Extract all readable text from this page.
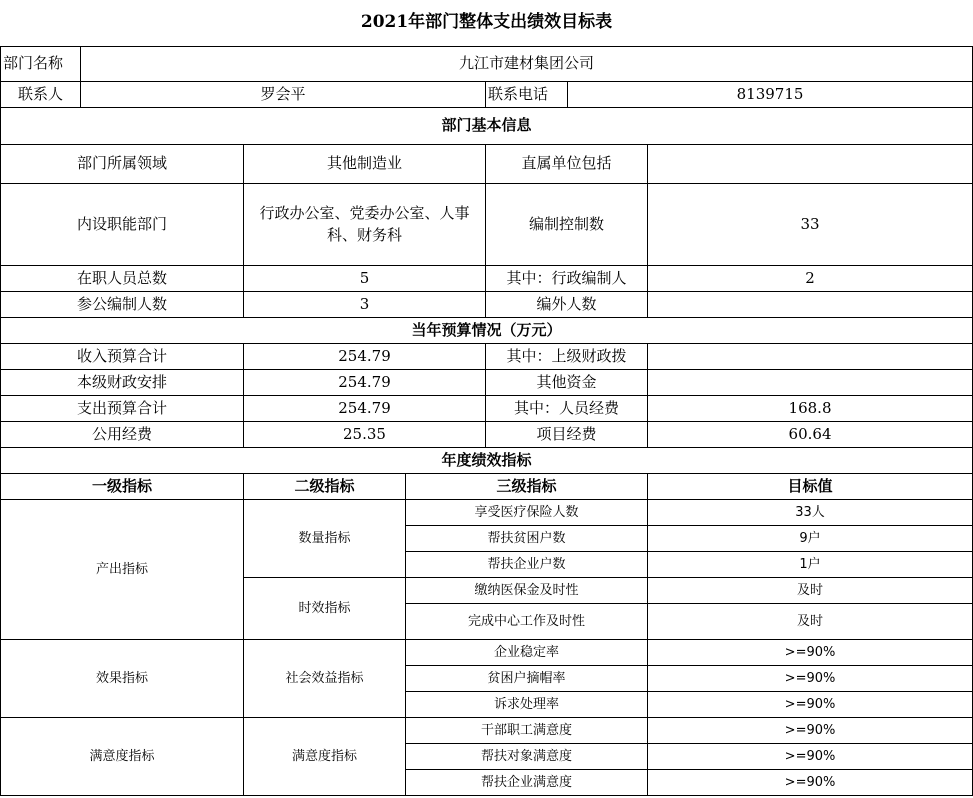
2021年部门整体支出绩效目标表						
部门名称	九江市建材集团公司					
联系人	罗会平			联系电话	8139715	
部门基本信息						
部门所属领域		其他制造业		直属单位包括		
内设职能部门		行政办公室、党委办公室、人事科、财务科		编制控制数		33
在职人员总数		5		其中：行政编制人		2
参公编制人数		3		编外人数		
当年预算情况（万元）						
收入预算合计		254.79		其中：上级财政拨		
本级财政安排		254.79		其他资金		
支出预算合计		254.79		其中：人员经费		168.8
公用经费		25.35		项目经费		60.64
年度绩效指标						
一级指标		二级指标	三级指标			目标值
产出指标		数量指标	享受医疗保险人数			33人
			帮扶贫困户数			9户
			帮扶企业户数			1户
		时效指标	缴纳医保金及时性			及时
			完成中心工作及时性			及时
效果指标		社会效益指标	企业稳定率			>=90%
			贫困户摘帽率			>=90%
			诉求处理率			>=90%
满意度指标		满意度指标	干部职工满意度			>=90%
			帮扶对象满意度			>=90%
			帮扶企业满意度			>=90%
